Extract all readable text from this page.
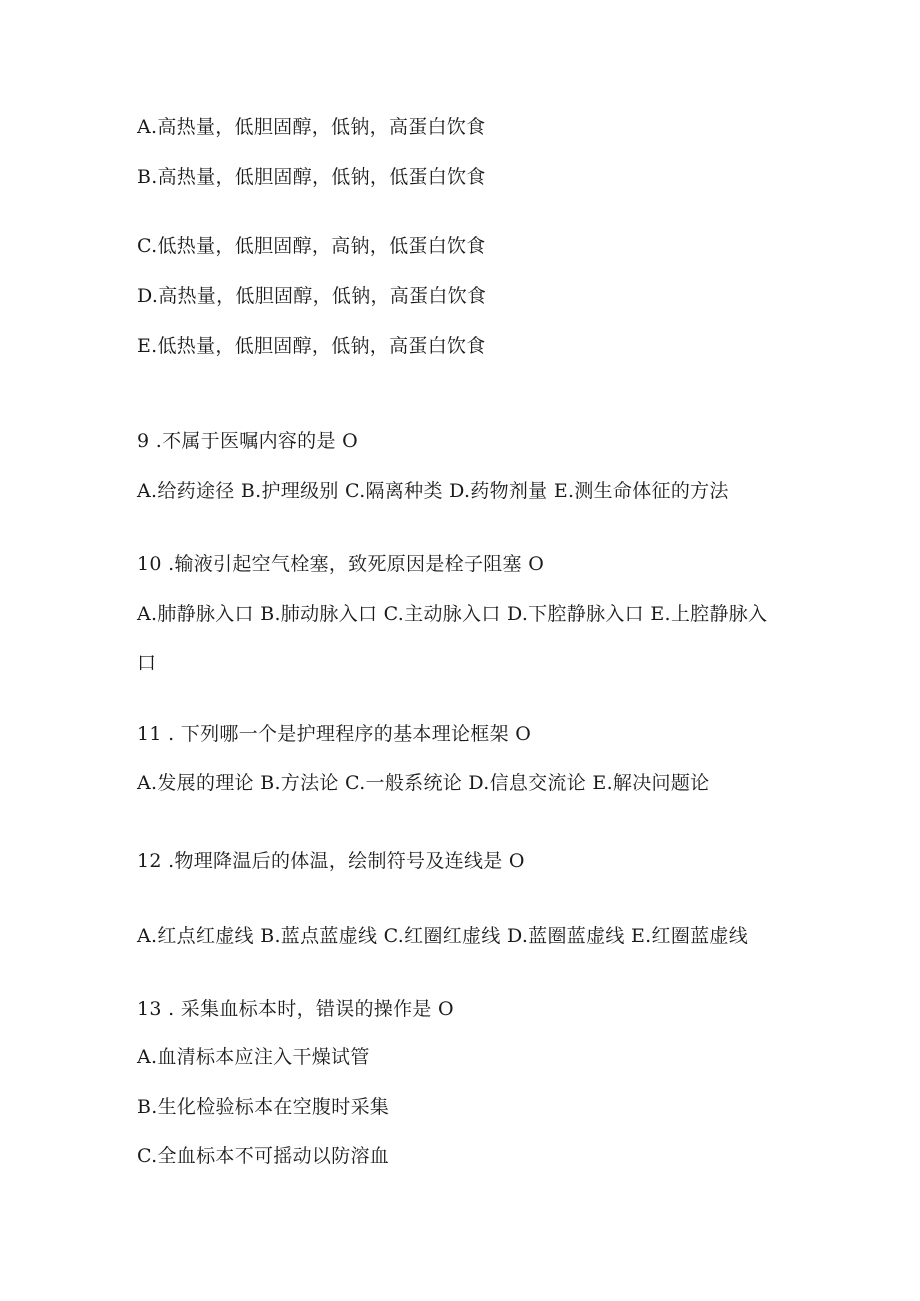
A.高热量，低胆固醇，低钠，高蛋白饮食
B.高热量，低胆固醇，低钠，低蛋白饮食
C.低热量，低胆固醇，高钠，低蛋白饮食
D.高热量，低胆固醇，低钠，高蛋白饮食
E.低热量，低胆固醇，低钠，高蛋白饮食
9 .不属于医嘱内容的是 O
A.给药途径 B.护理级别 C.隔离种类 D.药物剂量 E.测生命体征的方法
10 .输液引起空气栓塞，致死原因是栓子阻塞 O
A.肺静脉入口 B.肺动脉入口 C.主动脉入口 D.下腔静脉入口 E.上腔静脉入
口
11 . 下列哪一个是护理程序的基本理论框架 O
A.发展的理论 B.方法论 C.一般系统论 D.信息交流论 E.解决问题论
12 .物理降温后的体温，绘制符号及连线是 O
A.红点红虚线 B.蓝点蓝虚线 C.红圈红虚线 D.蓝圈蓝虚线 E.红圈蓝虚线
13 . 采集血标本时，错误的操作是 O
A.血清标本应注入干燥试管
B.生化检验标本在空腹时采集
C.全血标本不可摇动以防溶血
